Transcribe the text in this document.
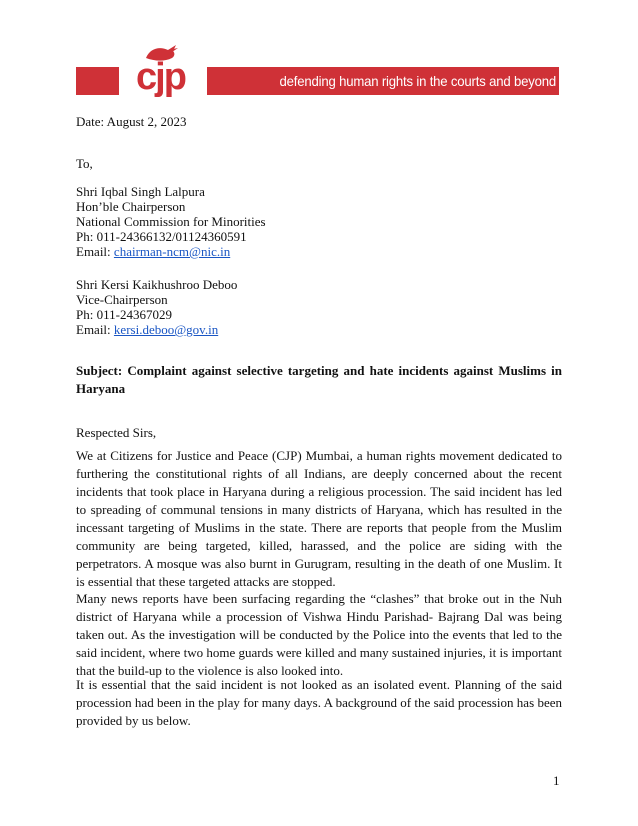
cjp	defending human rights in the courts and beyond
Date: August 2, 2023
To,
Shri Iqbal Singh Lalpura
Hon’ble Chairperson
National Commission for Minorities
Ph: 011-24366132/01124360591
Email: chairman-ncm@nic.in
Shri Kersi Kaikhushroo Deboo
Vice-Chairperson
Ph: 011-24367029
Email: kersi.deboo@gov.in
Subject: Complaint against selective targeting and hate incidents against Muslims in Haryana
Respected Sirs,
We at Citizens for Justice and Peace (CJP) Mumbai, a human rights movement dedicated to furthering the constitutional rights of all Indians, are deeply concerned about the recent incidents that took place in Haryana during a religious procession. The said incident has led to spreading of communal tensions in many districts of Haryana, which has resulted in the incessant targeting of Muslims in the state. There are reports that people from the Muslim community are being targeted, killed, harassed, and the police are siding with the perpetrators. A mosque was also burnt in Gurugram, resulting in the death of one Muslim. It is essential that these targeted attacks are stopped.
Many news reports have been surfacing regarding the “clashes” that broke out in the Nuh district of Haryana while a procession of Vishwa Hindu Parishad- Bajrang Dal was being taken out. As the investigation will be conducted by the Police into the events that led to the said incident, where two home guards were killed and many sustained injuries, it is important that the build-up to the violence is also looked into.
It is essential that the said incident is not looked as an isolated event. Planning of the said procession had been in the play for many days. A background of the said procession has been provided by us below.
1
